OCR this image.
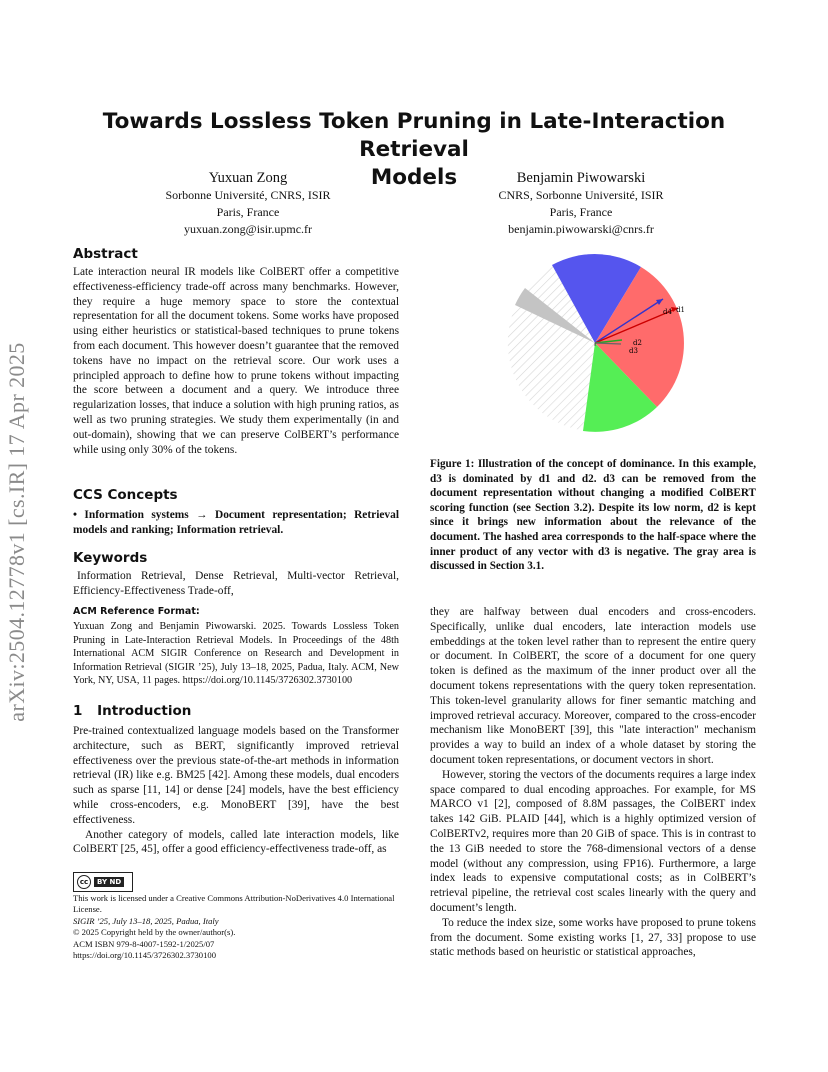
arXiv:2504.12778v1 [cs.IR] 17 Apr 2025
Towards Lossless Token Pruning in Late-Interaction Retrieval
Models
Yuxuan Zong
Sorbonne Université, CNRS, ISIR
Paris, France
yuxuan.zong@isir.upmc.fr
Benjamin Piwowarski
CNRS, Sorbonne Université, ISIR
Paris, France
benjamin.piwowarski@cnrs.fr
Abstract
Late interaction neural IR models like ColBERT offer a competitive effectiveness-efficiency trade-off across many benchmarks. However, they require a huge memory space to store the contextual representation for all the document tokens. Some works have proposed using either heuristics or statistical-based techniques to prune tokens from each document. This however doesn’t guarantee that the removed tokens have no impact on the retrieval score. Our work uses a principled approach to define how to prune tokens without impacting the score between a document and a query. We introduce three regularization losses, that induce a solution with high pruning ratios, as well as two pruning strategies. We study them experimentally (in and out-domain), showing that we can preserve ColBERT’s performance while using only 30% of the tokens.
CCS Concepts
• Information systems → Document representation; Retrieval models and ranking; Information retrieval.
Keywords
Information Retrieval, Dense Retrieval, Multi-vector Retrieval, Efficiency-Effectiveness Trade-off,
ACM Reference Format:
Yuxuan Zong and Benjamin Piwowarski. 2025. Towards Lossless Token Pruning in Late-Interaction Retrieval Models. In Proceedings of the 48th International ACM SIGIR Conference on Research and Development in Information Retrieval (SIGIR ’25), July 13–18, 2025, Padua, Italy. ACM, New York, NY, USA, 11 pages. https://doi.org/10.1145/3726302.3730100
1 Introduction

Pre-trained contextualized language models based on the Transformer architecture, such as BERT, significantly improved retrieval effectiveness over the previous state-of-the-art methods in information retrieval (IR) like e.g. BM25 [42]. Among these models, dual encoders such as sparse [11, 14] or dense [24] models, have the best efficiency while cross-encoders, e.g. MonoBERT [39], have the best effectiveness.

Another category of models, called late interaction models, like ColBERT [25, 45], offer a good efficiency-effectiveness trade-off, as

cc	BY ND
This work is licensed under a Creative Commons Attribution-NoDerivatives 4.0 International License.
SIGIR ’25, July 13–18, 2025, Padua, Italy
© 2025 Copyright held by the owner/author(s).
ACM ISBN 979-8-4007-1592-1/2025/07
https://doi.org/10.1145/3726302.3730100
d4 d1
d2
d3
Figure 1: Illustration of the concept of dominance. In this example, d3 is dominated by d1 and d2. d3 can be removed from the document representation without changing a modified ColBERT scoring function (see Section 3.2). Despite its low norm, d2 is kept since it brings new information about the relevance of the document. The hashed area corresponds to the half-space where the inner product of any vector with d3 is negative. The gray area is discussed in Section 3.1.

they are halfway between dual encoders and cross-encoders. Specifically, unlike dual encoders, late interaction models use embeddings at the token level rather than to represent the entire query or document. In ColBERT, the score of a document for one query token is defined as the maximum of the inner product over all the document tokens representations with the query token representation. This token-level granularity allows for finer semantic matching and improved retrieval accuracy. Moreover, compared to the cross-encoder mechanism like MonoBERT [39], this "late interaction" mechanism provides a way to build an index of a whole dataset by storing the document token representations, or document vectors in short.

However, storing the vectors of the documents requires a large index space compared to dual encoding approaches. For example, for MS MARCO v1 [2], composed of 8.8M passages, the ColBERT index takes 142 GiB. PLAID [44], which is a highly optimized version of ColBERTv2, requires more than 20 GiB of space. This is in contrast to the 13 GiB needed to store the 768-dimensional vectors of a dense model (without any compression, using FP16). Furthermore, a large index leads to expensive computational costs; as in ColBERT’s retrieval pipeline, the retrieval cost scales linearly with the query and document’s length.

To reduce the index size, some works have proposed to prune tokens from the document. Some existing works [1, 27, 33] propose to use static methods based on heuristic or statistical approaches,
